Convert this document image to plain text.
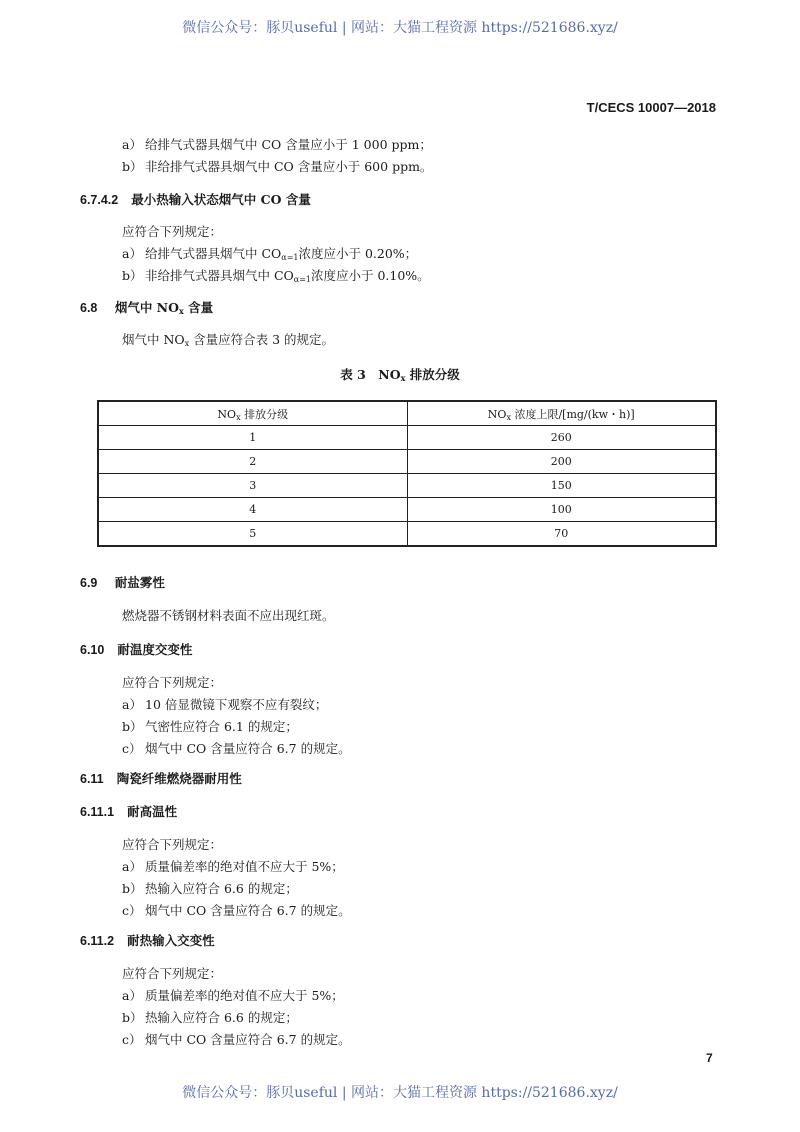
微信公众号：豚贝useful | 网站：大猫工程资源 https://521686.xyz/
T/CECS 10007—2018
a） 给排气式器具烟气中 CO 含量应小于 1 000 ppm；
b） 非给排气式器具烟气中 CO 含量应小于 600 ppm。
6.7.4.2 最小热输入状态烟气中 CO 含量
应符合下列规定：
a） 给排气式器具烟气中 $CO_{\alpha=1}$浓度应小于 0.20%；
b） 非给排气式器具烟气中 $CO_{\alpha=1}$浓度应小于 0.10%。
6.8 烟气中 $NO_x$ 含量
烟气中 $NO_x$ 含量应符合表 3 的规定。
表 3　$NO_x$ 排放分级
$NO_x$ 排放分级	$NO_x$ 浓度上限/[mg/(kw・h)]
1	260
2	200
3	150
4	100
5	70
6.9 耐盐雾性
燃烧器不锈钢材料表面不应出现红斑。
6.10 耐温度交变性
应符合下列规定：
a） 10 倍显微镜下观察不应有裂纹；
b） 气密性应符合 6.1 的规定；
c） 烟气中 CO 含量应符合 6.7 的规定。
6.11 陶瓷纤维燃烧器耐用性
6.11.1 耐高温性
应符合下列规定：
a） 质量偏差率的绝对值不应大于 5%；
b） 热输入应符合 6.6 的规定；
c） 烟气中 CO 含量应符合 6.7 的规定。
6.11.2 耐热输入交变性
应符合下列规定：
a） 质量偏差率的绝对值不应大于 5%；
b） 热输入应符合 6.6 的规定；
c） 烟气中 CO 含量应符合 6.7 的规定。
7
微信公众号：豚贝useful | 网站：大猫工程资源 https://521686.xyz/
